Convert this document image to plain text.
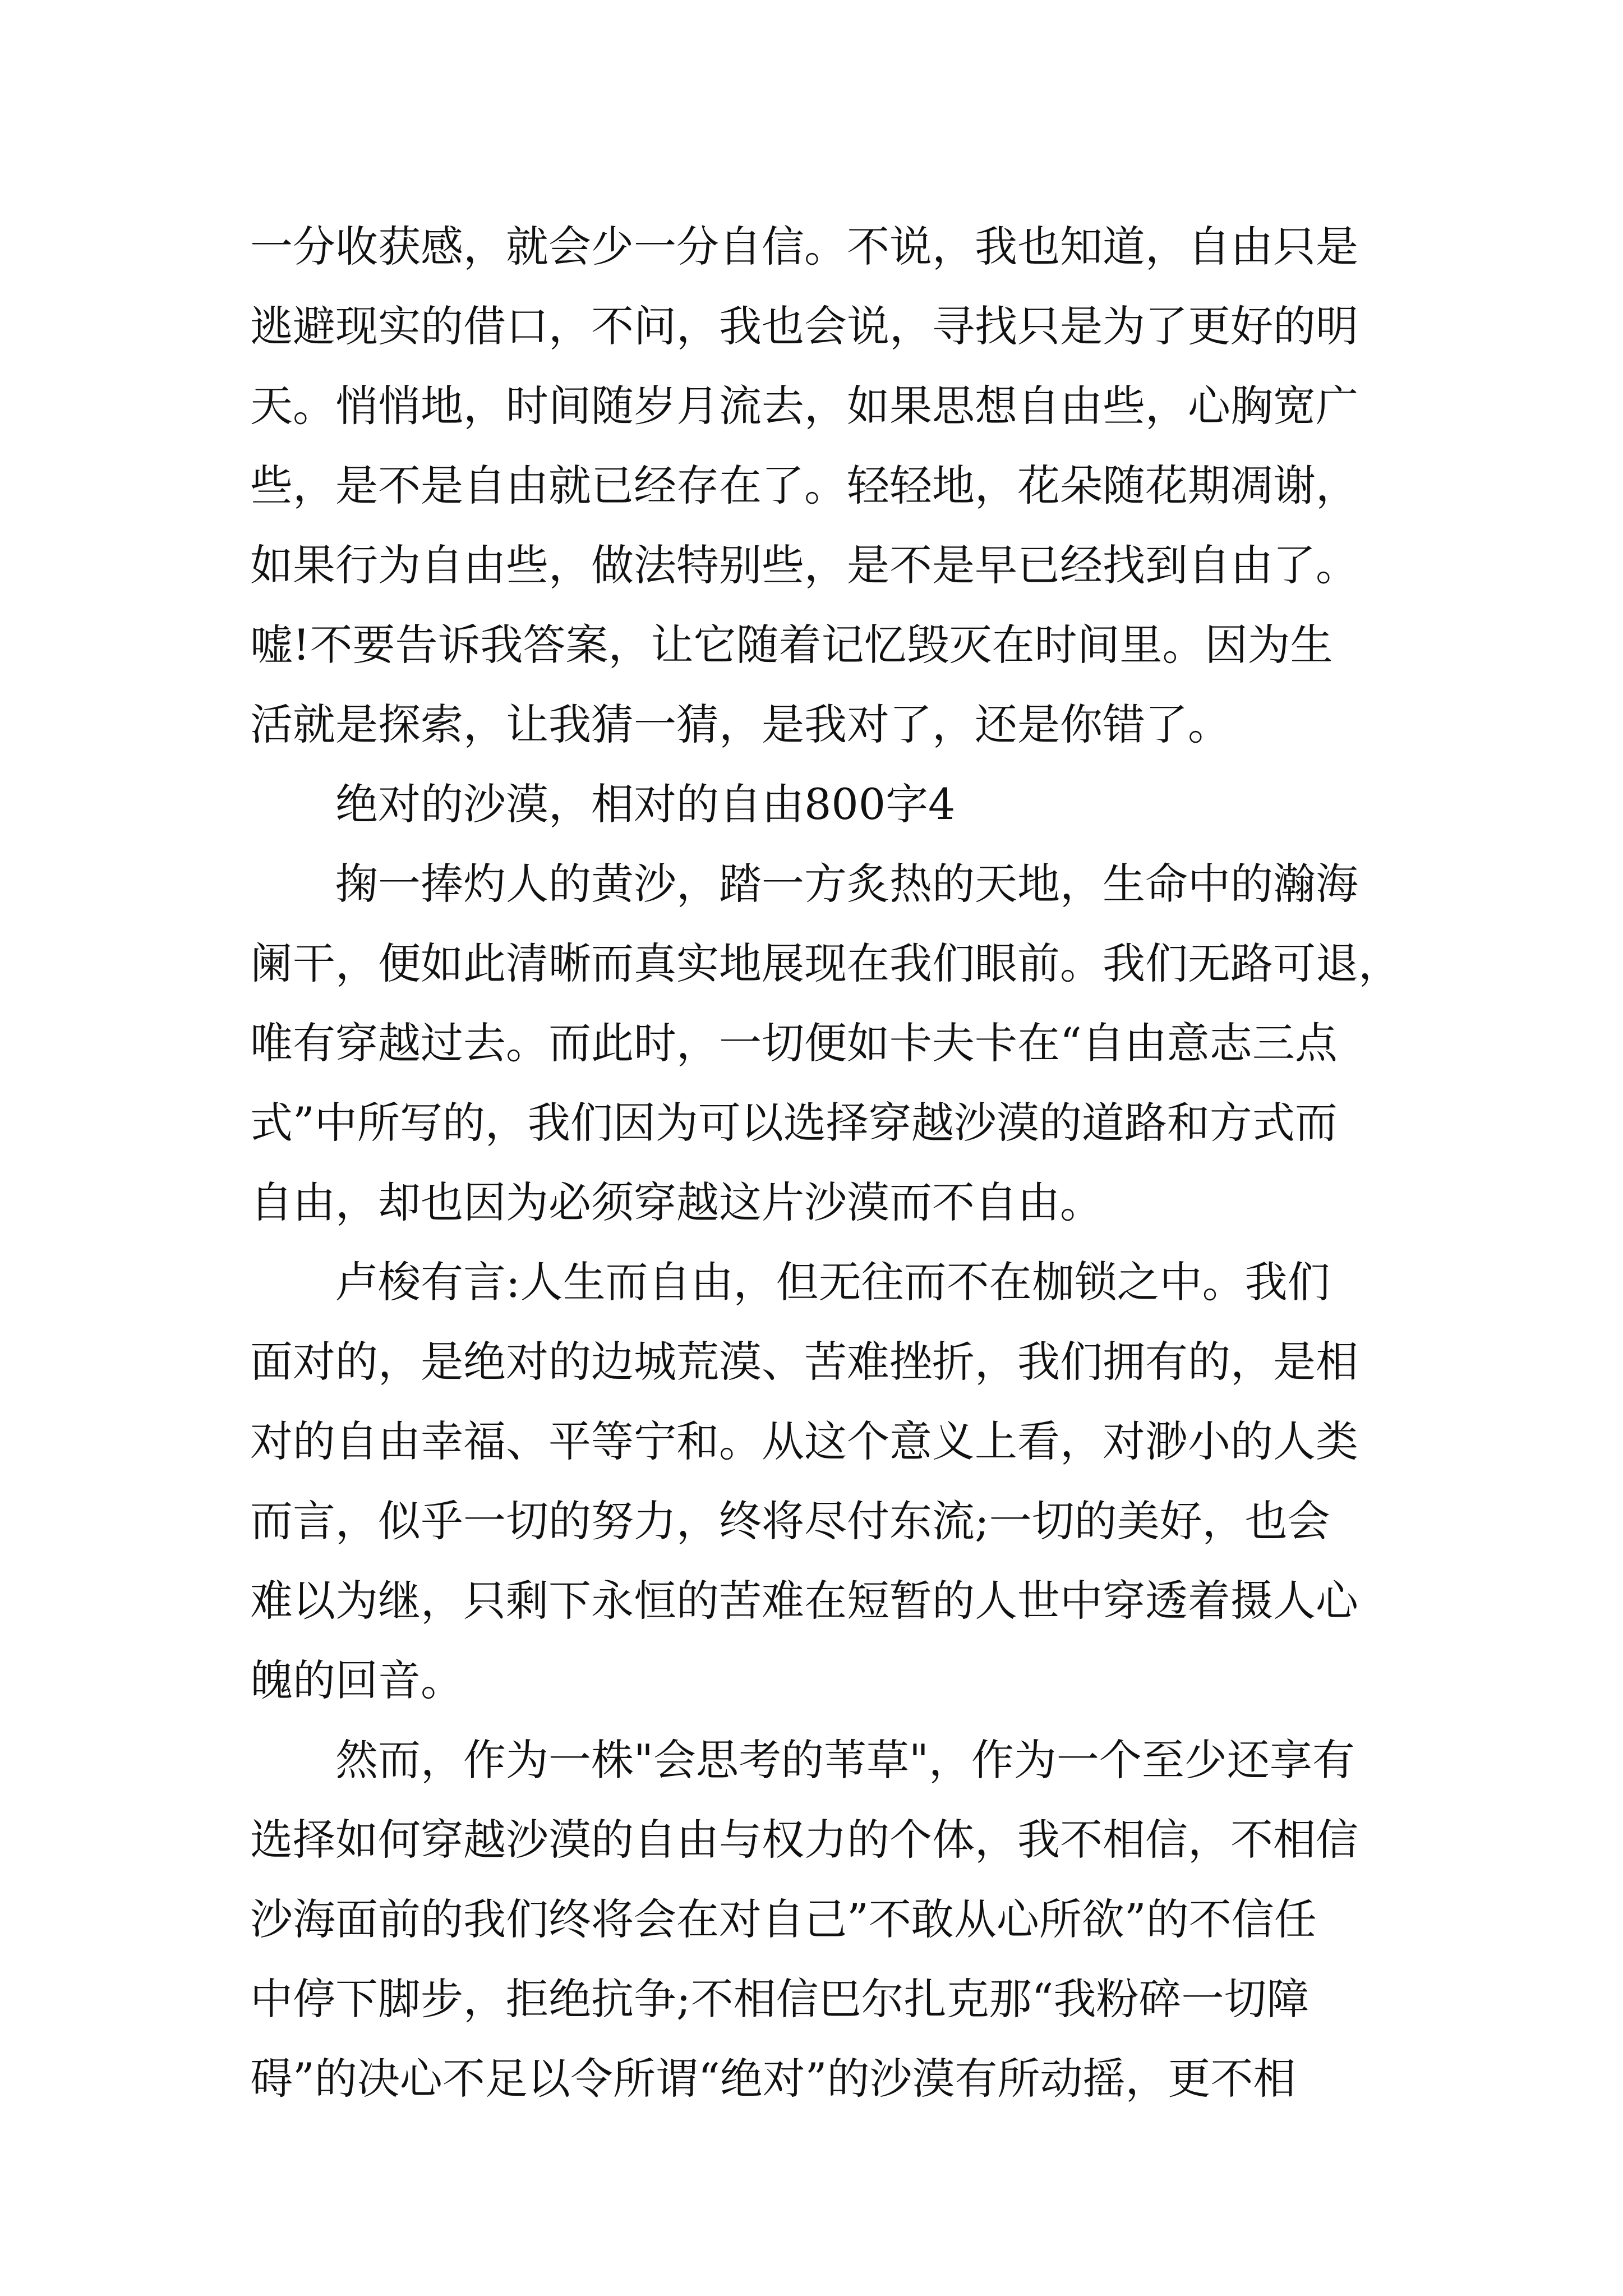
一分收获感，就会少一分自信。不说，我也知道，自由只是
逃避现实的借口，不问，我也会说，寻找只是为了更好的明
天。悄悄地，时间随岁月流去，如果思想自由些，心胸宽广
些，是不是自由就已经存在了。轻轻地，花朵随花期凋谢，
如果行为自由些，做法特别些，是不是早已经找到自由了。
嘘!不要告诉我答案，让它随着记忆毁灭在时间里。因为生
活就是探索，让我猜一猜，是我对了，还是你错了。
绝对的沙漠，相对的自由800字4
掬一捧灼人的黄沙，踏一方炙热的天地，生命中的瀚海
阑干，便如此清晰而真实地展现在我们眼前。我们无路可退，
唯有穿越过去。而此时，一切便如卡夫卡在“自由意志三点
式”中所写的，我们因为可以选择穿越沙漠的道路和方式而
自由，却也因为必须穿越这片沙漠而不自由。
卢梭有言:人生而自由，但无往而不在枷锁之中。我们
面对的，是绝对的边城荒漠、苦难挫折，我们拥有的，是相
对的自由幸福、平等宁和。从这个意义上看，对渺小的人类
而言，似乎一切的努力，终将尽付东流;一切的美好，也会
难以为继，只剩下永恒的苦难在短暂的人世中穿透着摄人心
魄的回音。
然而，作为一株"会思考的苇草"，作为一个至少还享有
选择如何穿越沙漠的自由与权力的个体，我不相信，不相信
沙海面前的我们终将会在对自己”不敢从心所欲”的不信任
中停下脚步，拒绝抗争;不相信巴尔扎克那“我粉碎一切障
碍”的决心不足以令所谓“绝对”的沙漠有所动摇，更不相
